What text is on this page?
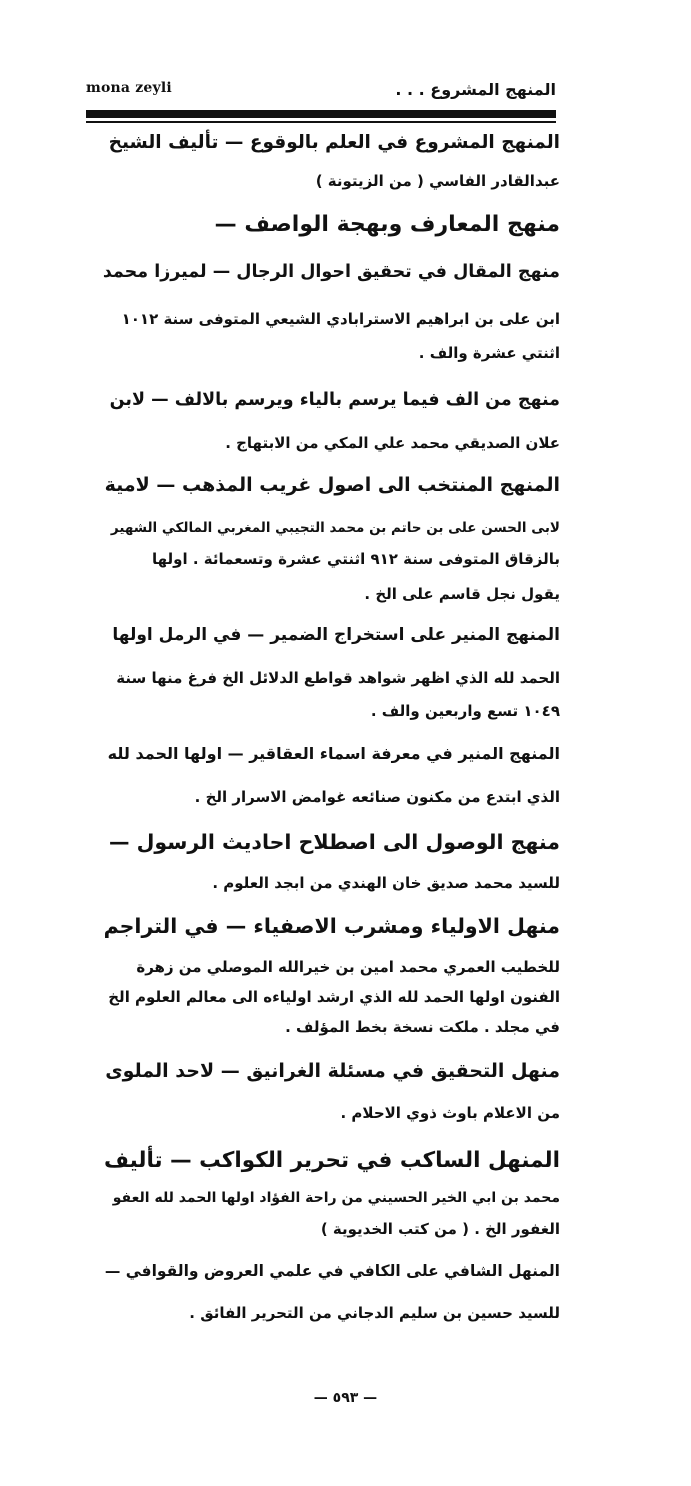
mona zeyli	المنهج المشروع . . .
المنهج المشروع في العلم بالوقوع — تأليف الشيخ
عبدالقادر الفاسي ( من الزيتونة )
منهج المعارف وبهجة الواصف —
منهج المقال في تحقيق احوال الرجال — لميرزا محمد
ابن على بن ابراهيم الاسترابادي الشيعي المتوفى سنة ١٠١٢
اثنتي عشرة والف .
منهج من الف فيما يرسم بالياء ويرسم بالالف — لابن
علان الصديقي محمد علي المكي من الابتهاج .
المنهج المنتخب الى اصول غريب المذهب — لامية
لابى الحسن على بن حاتم بن محمد التجيبي المغربي المالكي الشهير
بالزقاق المتوفى سنة ٩١٢ اثنتي عشرة وتسعمائة . اولها
يقول نجل قاسم على الخ .
المنهج المنير على استخراج الضمير — في الرمل اولها
الحمد لله الذي اظهر شواهد قواطع الدلائل الخ فرغ منها سنة
١٠٤٩ تسع واربعين والف .
المنهج المنير في معرفة اسماء العقاقير — اولها الحمد لله
الذي ابتدع من مكنون صنائعه غوامض الاسرار الخ .
منهج الوصول الى اصطلاح احاديث الرسول —
للسيد محمد صديق خان الهندي من ابجد العلوم .
منهل الاولياء ومشرب الاصفياء — في التراجم
للخطيب العمري محمد امين بن خيرالله الموصلي من زهرة
الفنون اولها الحمد لله الذي ارشد اولياءه الى معالم العلوم الخ
في مجلد . ملكت نسخة بخط المؤلف .
منهل التحقيق في مسئلة الغرانيق — لاحد الملوى
من الاعلام باوث ذوي الاحلام .
المنهل الساكب في تحرير الكواكب — تأليف
محمد بن ابي الخير الحسيني من راحة الفؤاد اولها الحمد لله العفو
الغفور الخ . ( من كتب الخديوية )
المنهل الشافي على الكافي في علمي العروض والقوافي —
للسيد حسين بن سليم الدجاني من التحرير الفائق .
— ٥٩٣ —
